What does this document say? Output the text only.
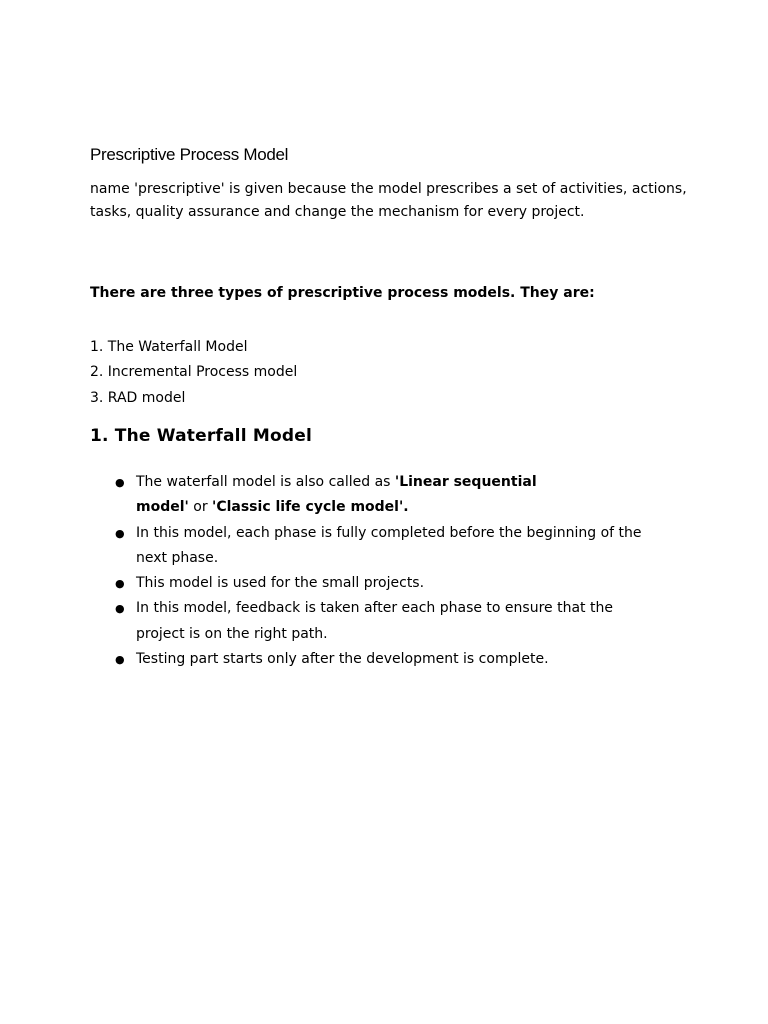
Prescriptive Process Model
name 'prescriptive' is given because the model prescribes a set of activities, actions, tasks, quality assurance and change the mechanism for every project.
There are three types of prescriptive process models. They are:
1. The Waterfall Model
2. Incremental Process model
3. RAD model
1. The Waterfall Model
● The waterfall model is also called as 'Linear sequential model' or 'Classic life cycle model'.
● In this model, each phase is fully completed before the beginning of the next phase.
● This model is used for the small projects.
● In this model, feedback is taken after each phase to ensure that the project is on the right path.
● Testing part starts only after the development is complete.
